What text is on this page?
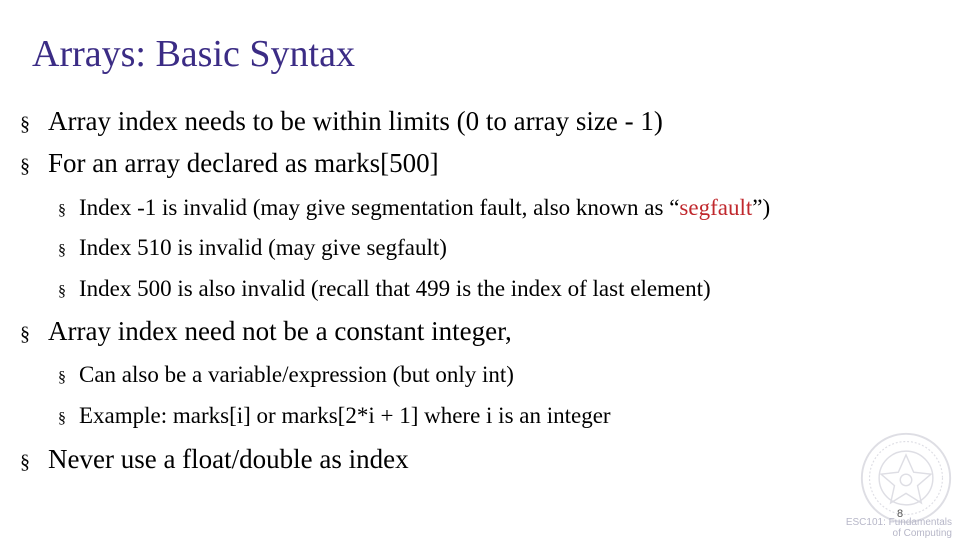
Arrays: Basic Syntax
§ Array index needs to be within limits (0 to array size - 1)
§ For an array declared as marks[500]
§ Index -1 is invalid (may give segmentation fault, also known as “segfault”)
§ Index 510 is invalid (may give segfault)
§ Index 500 is also invalid (recall that 499 is the index of last element)
§ Array index need not be a constant integer,
§ Can also be a variable/expression (but only int)
§ Example: marks[i] or marks[2*i + 1] where i is an integer
§ Never use a float/double as index
8
ESC101: Fundamentals
of Computing
